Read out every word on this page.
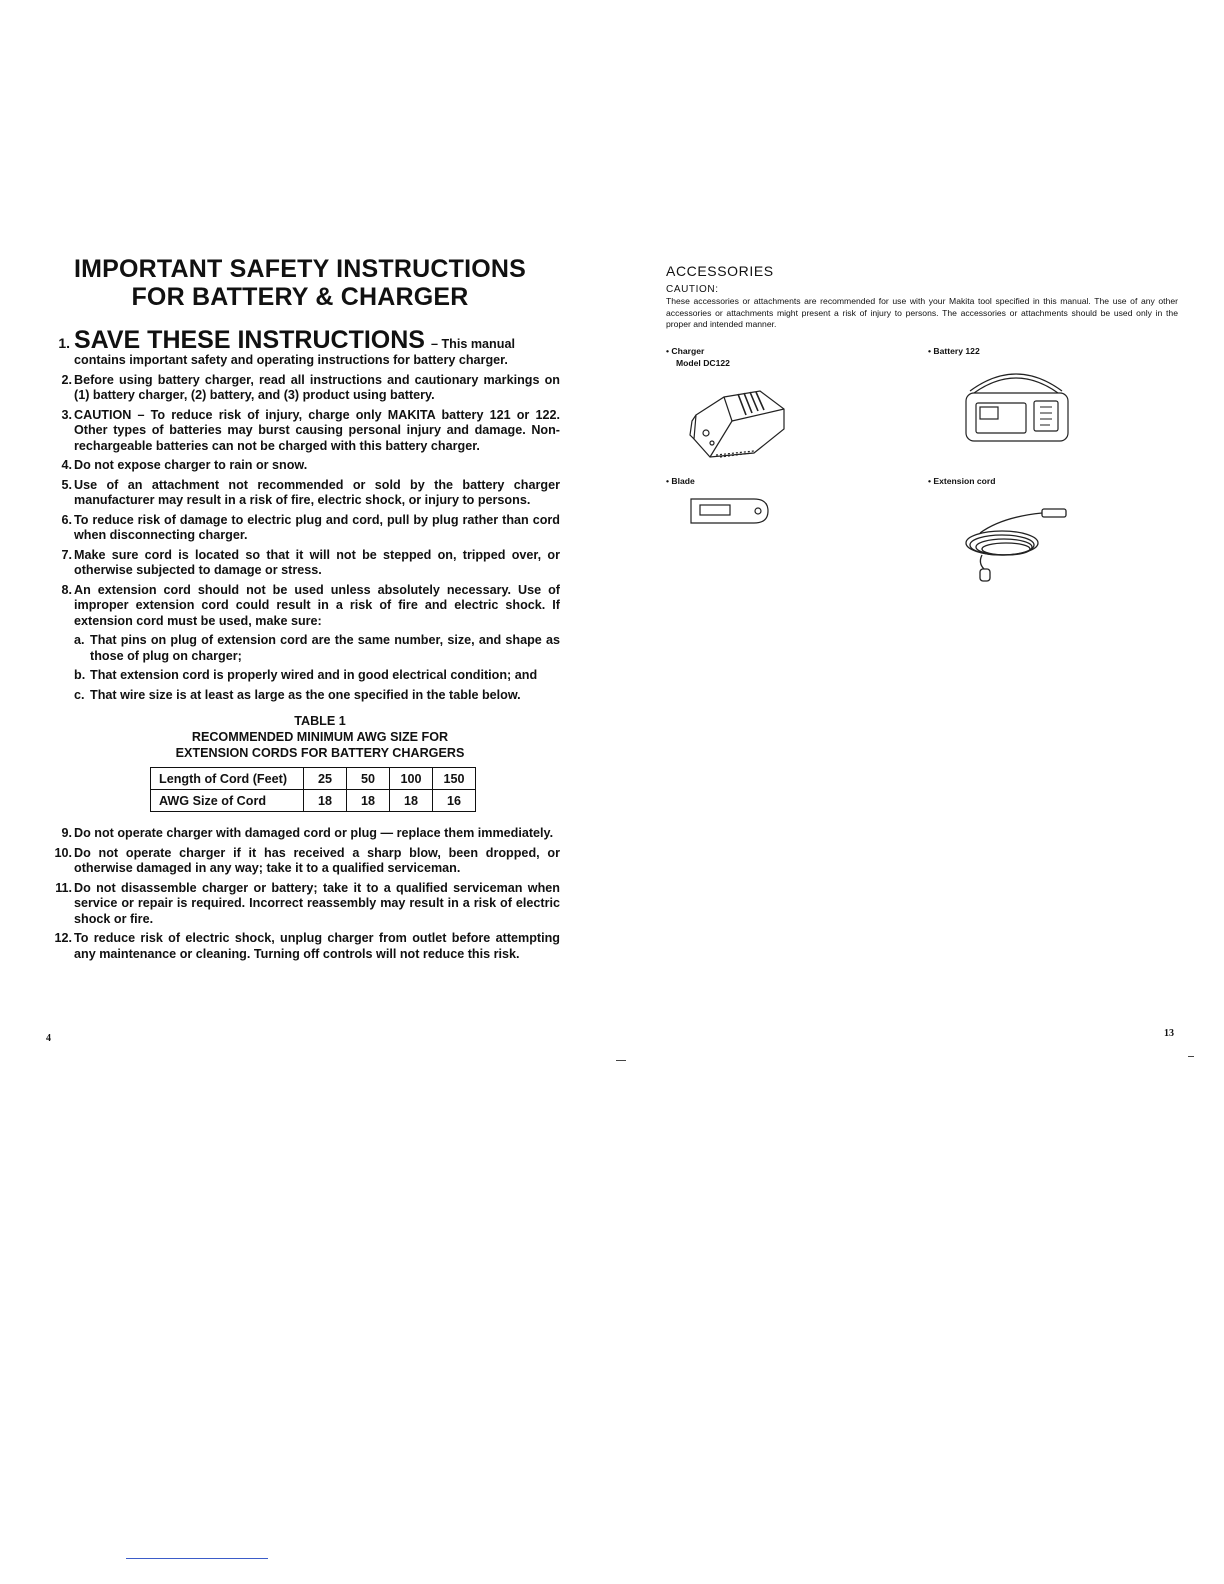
IMPORTANT SAFETY INSTRUCTIONS
FOR BATTERY & CHARGER
1. SAVE THESE INSTRUCTIONS – This manual
contains important safety and operating instructions for battery charger.
2. Before using battery charger, read all instructions and cautionary markings on (1) battery charger, (2) battery, and (3) product using battery.
3. CAUTION – To reduce risk of injury, charge only MAKITA battery 121 or 122. Other types of batteries may burst causing personal injury and damage. Non-rechargeable batteries can not be charged with this battery charger.
4. Do not expose charger to rain or snow.
5. Use of an attachment not recommended or sold by the battery charger manufacturer may result in a risk of fire, electric shock, or injury to persons.
6. To reduce risk of damage to electric plug and cord, pull by plug rather than cord when disconnecting charger.
7. Make sure cord is located so that it will not be stepped on, tripped over, or otherwise subjected to damage or stress.
8. An extension cord should not be used unless absolutely necessary. Use of improper extension cord could result in a risk of fire and electric shock. If extension cord must be used, make sure:
a. That pins on plug of extension cord are the same number, size, and shape as those of plug on charger;
b. That extension cord is properly wired and in good electrical condition; and
c. That wire size is at least as large as the one specified in the table below.
TABLE 1
RECOMMENDED MINIMUM AWG SIZE FOR
EXTENSION CORDS FOR BATTERY CHARGERS
Length of Cord (Feet)	25	50	100	150
AWG Size of Cord	18	18	18	16
9. Do not operate charger with damaged cord or plug — replace them immediately.
10. Do not operate charger if it has received a sharp blow, been dropped, or otherwise damaged in any way; take it to a qualified serviceman.
11. Do not disassemble charger or battery; take it to a qualified serviceman when service or repair is required. Incorrect reassembly may result in a risk of electric shock or fire.
12. To reduce risk of electric shock, unplug charger from outlet before attempting any maintenance or cleaning. Turning off controls will not reduce this risk.
4
ACCESSORIES
CAUTION:
These accessories or attachments are recommended for use with your Makita tool specified in this manual. The use of any other accessories or attachments might present a risk of injury to persons. The accessories or attachments should be used only in the proper and intended manner.
• Charger
Model DC122
• Battery 122
• Blade	• Extension cord
13
